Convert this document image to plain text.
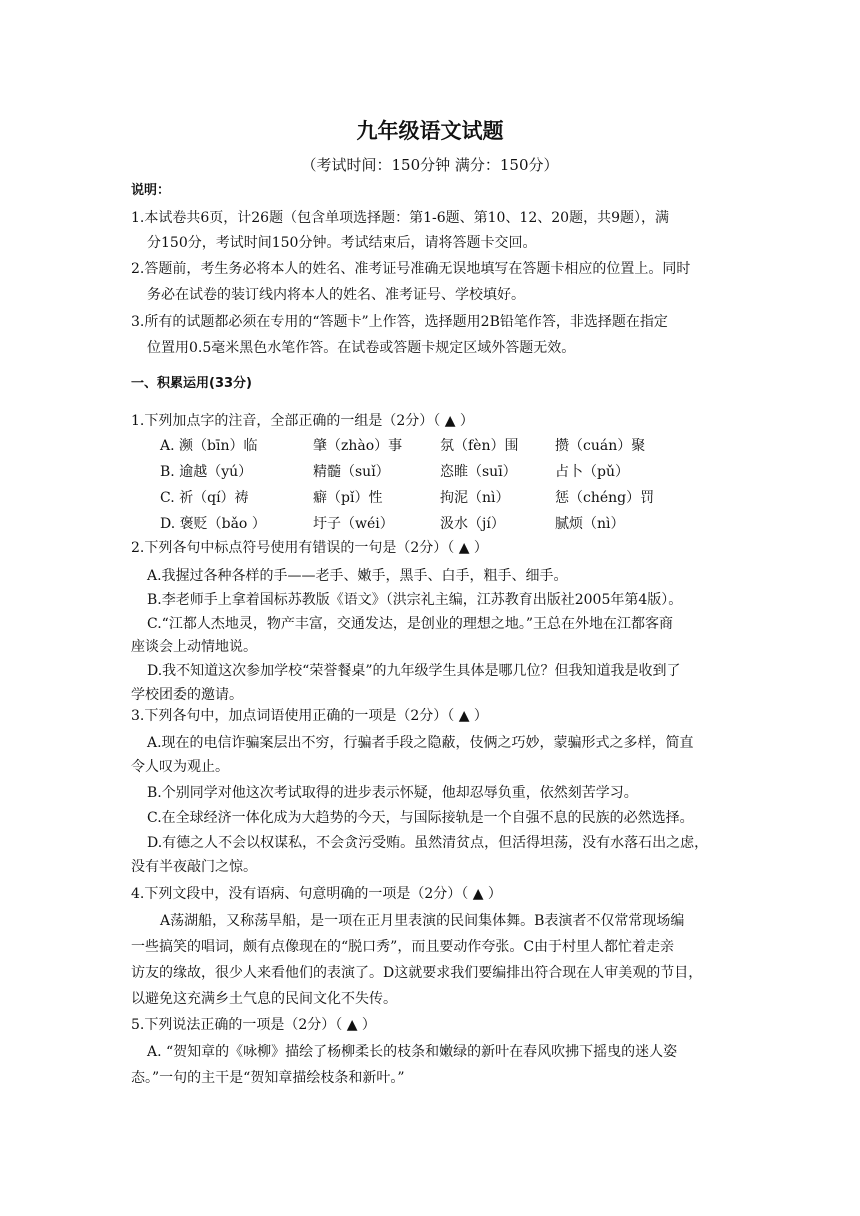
九年级语文试题
（考试时间：150分钟 满分：150分）
说明：
1.本试卷共6页，计26题（包含单项选择题：第1-6题、第10、12、20题，共9题），满
分150分，考试时间150分钟。考试结束后，请将答题卡交回。
2.答题前，考生务必将本人的姓名、准考证号准确无误地填写在答题卡相应的位置上。同时
务必在试卷的装订线内将本人的姓名、准考证号、学校填好。
3.所有的试题都必须在专用的“答题卡”上作答，选择题用2B铅笔作答，非选择题在指定
位置用0.5毫米黑色水笔作答。在试卷或答题卡规定区域外答题无效。
一、积累运用(33分)
1.下列加点字的注音，全部正确的一组是（2分）（ ▲ ）
A. 濒（bīn）临	肇（zhào）事	氛（fèn）围	攒（cuán）聚
B. 逾越（yú）	精髓（suǐ）	恣睢（suī）	占卜（pǔ）
C. 祈（qí）祷	癖（pǐ）性	拘泥（nì）	惩（chéng）罚
D. 褒贬（bǎo ）	圩子（wéi）	汲水（jí）	腻烦（nì）
2.下列各句中标点符号使用有错误的一句是（2分）（ ▲ ）
A.我握过各种各样的手——老手、嫩手，黑手、白手，粗手、细手。
B.李老师手上拿着国标苏教版《语文》（洪宗礼主编，江苏教育出版社2005年第4版）。
C.“江都人杰地灵，物产丰富，交通发达，是创业的理想之地。”王总在外地在江都客商
座谈会上动情地说。
D.我不知道这次参加学校“荣誉餐桌”的九年级学生具体是哪几位？但我知道我是收到了
学校团委的邀请。
3.下列各句中，加点词语使用正确的一项是（2分）（ ▲ ）
A.现在的电信诈骗案层出不穷，行骗者手段之隐蔽，伎俩之巧妙，蒙骗形式之多样，简直
令人叹为观止。
B.个别同学对他这次考试取得的进步表示怀疑，他却忍辱负重，依然刻苦学习。
C.在全球经济一体化成为大趋势的今天，与国际接轨是一个自强不息的民族的必然选择。
D.有德之人不会以权谋私，不会贪污受贿。虽然清贫点，但活得坦荡，没有水落石出之虑，
没有半夜敲门之惊。
4.下列文段中，没有语病、句意明确的一项是（2分）（ ▲ ）
A荡湖船，又称荡旱船，是一项在正月里表演的民间集体舞。B表演者不仅常常现场编
一些搞笑的唱词，颇有点像现在的“脱口秀”，而且要动作夸张。C由于村里人都忙着走亲
访友的缘故，很少人来看他们的表演了。D这就要求我们要编排出符合现在人审美观的节目，
以避免这充满乡土气息的民间文化不失传。
5.下列说法正确的一项是（2分）（ ▲ ）
A. “贺知章的《咏柳》描绘了杨柳柔长的枝条和嫩绿的新叶在春风吹拂下摇曳的迷人姿
态。”一句的主干是“贺知章描绘枝条和新叶。”
